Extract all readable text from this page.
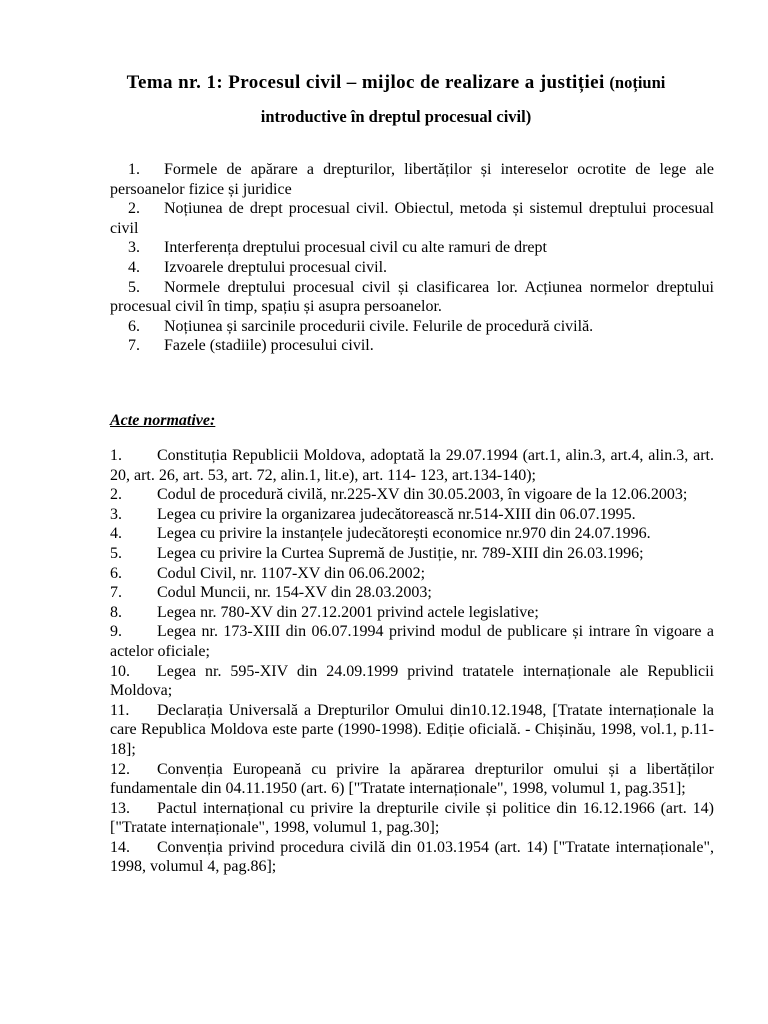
Tema nr. 1: Procesul civil – mijloc de realizare a justiției (noțiuni
introductive în dreptul procesual civil)

1. Formele de apărare a drepturilor, libertăților și intereselor ocrotite de lege ale persoanelor fizice și juridice

2. Noțiunea de drept procesual civil. Obiectul, metoda și sistemul dreptului procesual civil

3. Interferența dreptului procesual civil cu alte ramuri de drept

4. Izvoarele dreptului procesual civil.

5. Normele dreptului procesual civil și clasificarea lor. Acțiunea normelor dreptului procesual civil în timp, spațiu și asupra persoanelor.

6. Noțiunea și sarcinile procedurii civile. Felurile de procedură civilă.

7. Fazele (stadiile) procesului civil.

Acte normative:

1. Constituția Republicii Moldova, adoptată la 29.07.1994 (art.1, alin.3, art.4, alin.3, art. 20, art. 26, art. 53, art. 72, alin.1, lit.e), art. 114- 123, art.134-140);

2. Codul de procedură civilă, nr.225-XV din 30.05.2003, în vigoare de la 12.06.2003;

3. Legea cu privire la organizarea judecătorească nr.514-XIII din 06.07.1995.

4. Legea cu privire la instanțele judecătorești economice nr.970 din 24.07.1996.

5. Legea cu privire la Curtea Supremă de Justiție, nr. 789-XIII din 26.03.1996;

6. Codul Civil, nr. 1107-XV din 06.06.2002;

7. Codul Muncii, nr. 154-XV din 28.03.2003;

8. Legea nr. 780-XV din 27.12.2001 privind actele legislative;

9. Legea nr. 173-XIII din 06.07.1994 privind modul de publicare și intrare în vigoare a actelor oficiale;

10. Legea nr. 595-XIV din 24.09.1999 privind tratatele internaționale ale Republicii Moldova;

11. Declarația Universală a Drepturilor Omului din10.12.1948, [Tratate internaționale la care Republica Moldova este parte (1990-1998). Ediție oficială. - Chișinău, 1998, vol.1, p.11-18];

12. Convenția Europeană cu privire la apărarea drepturilor omului și a libertăților fundamentale din 04.11.1950 (art. 6) ["Tratate internaționale", 1998, volumul 1, pag.351];

13. Pactul internațional cu privire la drepturile civile și politice din 16.12.1966 (art. 14) ["Tratate internaționale", 1998, volumul 1, pag.30];

14. Convenția privind procedura civilă din 01.03.1954 (art. 14) ["Tratate internaționale", 1998, volumul 4, pag.86];
